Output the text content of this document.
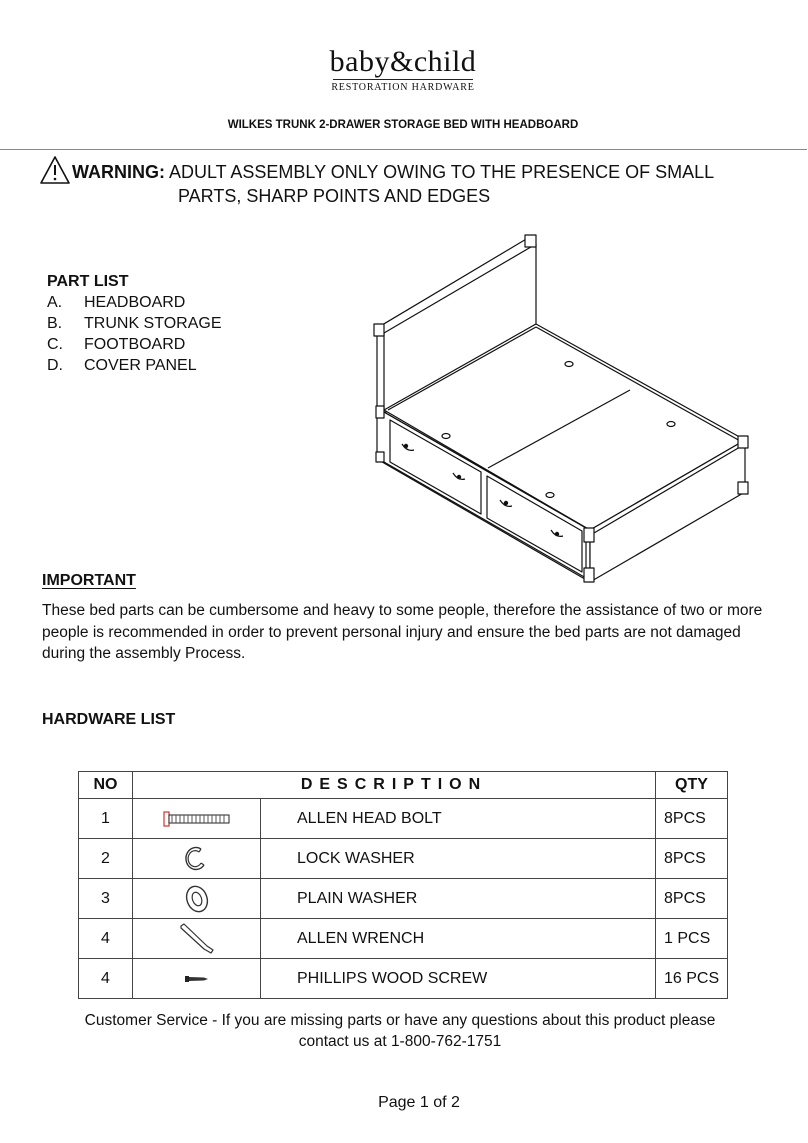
baby&child
RESTORATION HARDWARE
WILKES TRUNK 2-DRAWER STORAGE BED WITH HEADBOARD
WARNING: ADULT ASSEMBLY ONLY OWING TO THE PRESENCE OF SMALL
PARTS, SHARP POINTS AND EDGES
PART LIST
A. HEADBOARD
B. TRUNK STORAGE
C. FOOTBOARD
D. COVER PANEL
IMPORTANT
These bed parts can be cumbersome and heavy to some people, therefore the assistance of two or more people is recommended in order to prevent personal injury and ensure the bed parts are not damaged during the assembly Process.
HARDWARE LIST
NO	DESCRIPTION		QTY
1		ALLEN HEAD BOLT	8PCS
2		LOCK WASHER	8PCS
3		PLAIN WASHER	8PCS
4		ALLEN WRENCH	1 PCS
4		PHILLIPS WOOD SCREW	16 PCS
Customer Service - If you are missing parts or have any questions about this product please
contact us at 1-800-762-1751
Page 1 of 2
